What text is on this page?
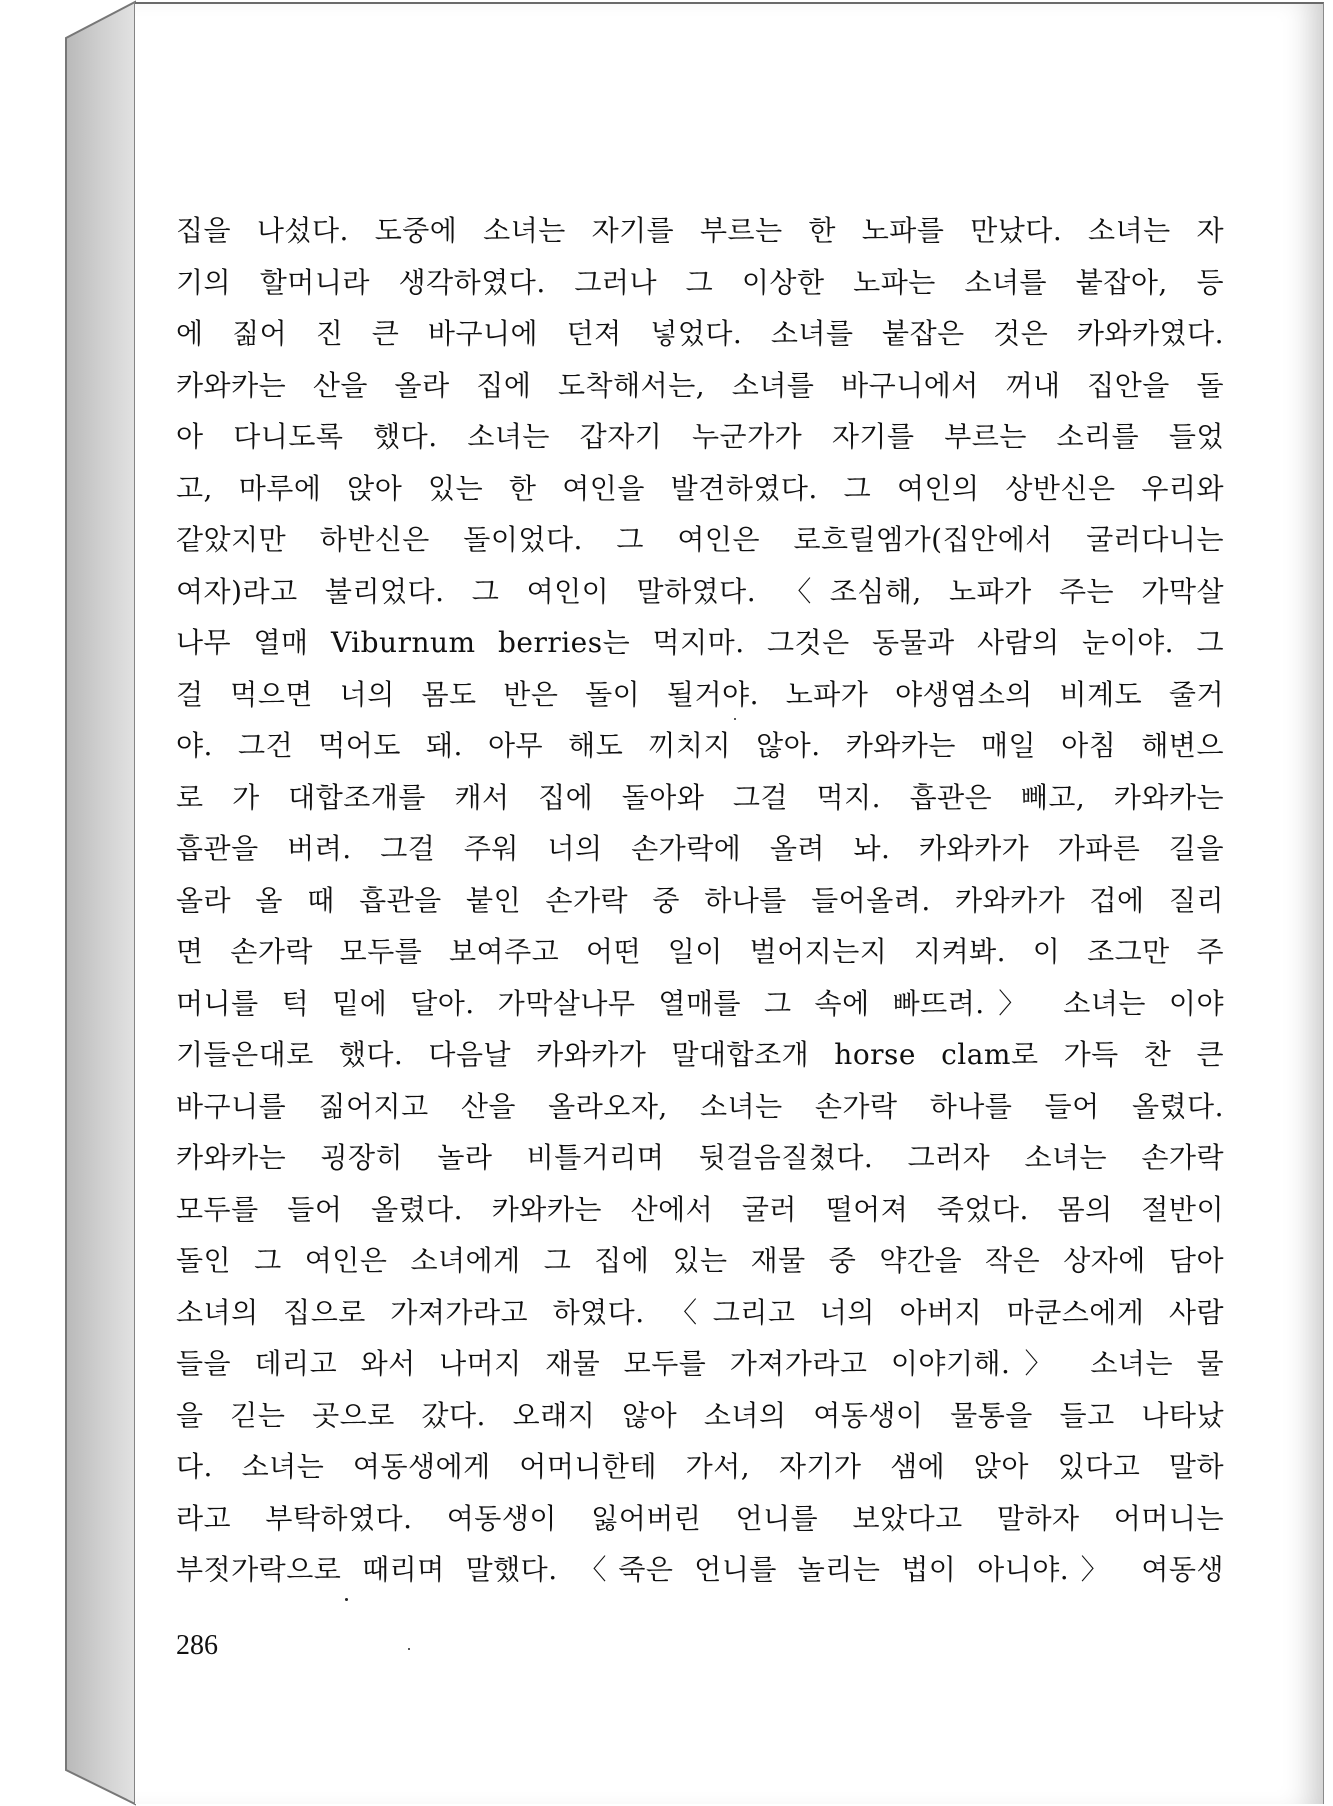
집을 나섰다. 도중에 소녀는 자기를 부르는 한 노파를 만났다. 소녀는 자
기의 할머니라 생각하였다. 그러나 그 이상한 노파는 소녀를 붙잡아, 등
에 짊어 진 큰 바구니에 던져 넣었다. 소녀를 붙잡은 것은 카와카였다.
카와카는 산을 올라 집에 도착해서는, 소녀를 바구니에서 꺼내 집안을 돌
아 다니도록 했다. 소녀는 갑자기 누군가가 자기를 부르는 소리를 들었
고, 마루에 앉아 있는 한 여인을 발견하였다. 그 여인의 상반신은 우리와
같았지만 하반신은 돌이었다. 그 여인은 로흐릴엠가(집안에서 굴러다니는
여자)라고 불리었다. 그 여인이 말하였다. 〈조심해, 노파가 주는 가막살
나무 열매 Viburnum berries는 먹지마. 그것은 동물과 사람의 눈이야. 그
걸 먹으면 너의 몸도 반은 돌이 될거야. 노파가 야생염소의 비계도 줄거
야. 그건 먹어도 돼. 아무 해도 끼치지 않아. 카와카는 매일 아침 해변으
로 가 대합조개를 캐서 집에 돌아와 그걸 먹지. 흡관은 빼고, 카와카는
흡관을 버려. 그걸 주워 너의 손가락에 올려 놔. 카와카가 가파른 길을
올라 올 때 흡관을 붙인 손가락 중 하나를 들어올려. 카와카가 겁에 질리
면 손가락 모두를 보여주고 어떤 일이 벌어지는지 지켜봐. 이 조그만 주
머니를 턱 밑에 달아. 가막살나무 열매를 그 속에 빠뜨려.〉 소녀는 이야
기들은대로 했다. 다음날 카와카가 말대합조개 horse clam로 가득 찬 큰
바구니를 짊어지고 산을 올라오자, 소녀는 손가락 하나를 들어 올렸다.
카와카는 굉장히 놀라 비틀거리며 뒷걸음질쳤다. 그러자 소녀는 손가락
모두를 들어 올렸다. 카와카는 산에서 굴러 떨어져 죽었다. 몸의 절반이
돌인 그 여인은 소녀에게 그 집에 있는 재물 중 약간을 작은 상자에 담아
소녀의 집으로 가져가라고 하였다. 〈그리고 너의 아버지 마쿤스에게 사람
들을 데리고 와서 나머지 재물 모두를 가져가라고 이야기해.〉 소녀는 물
을 긷는 곳으로 갔다. 오래지 않아 소녀의 여동생이 물통을 들고 나타났
다. 소녀는 여동생에게 어머니한테 가서, 자기가 샘에 앉아 있다고 말하
라고 부탁하였다. 여동생이 잃어버린 언니를 보았다고 말하자 어머니는
부젓가락으로 때리며 말했다. 〈죽은 언니를 놀리는 법이 아니야.〉 여동생
286
